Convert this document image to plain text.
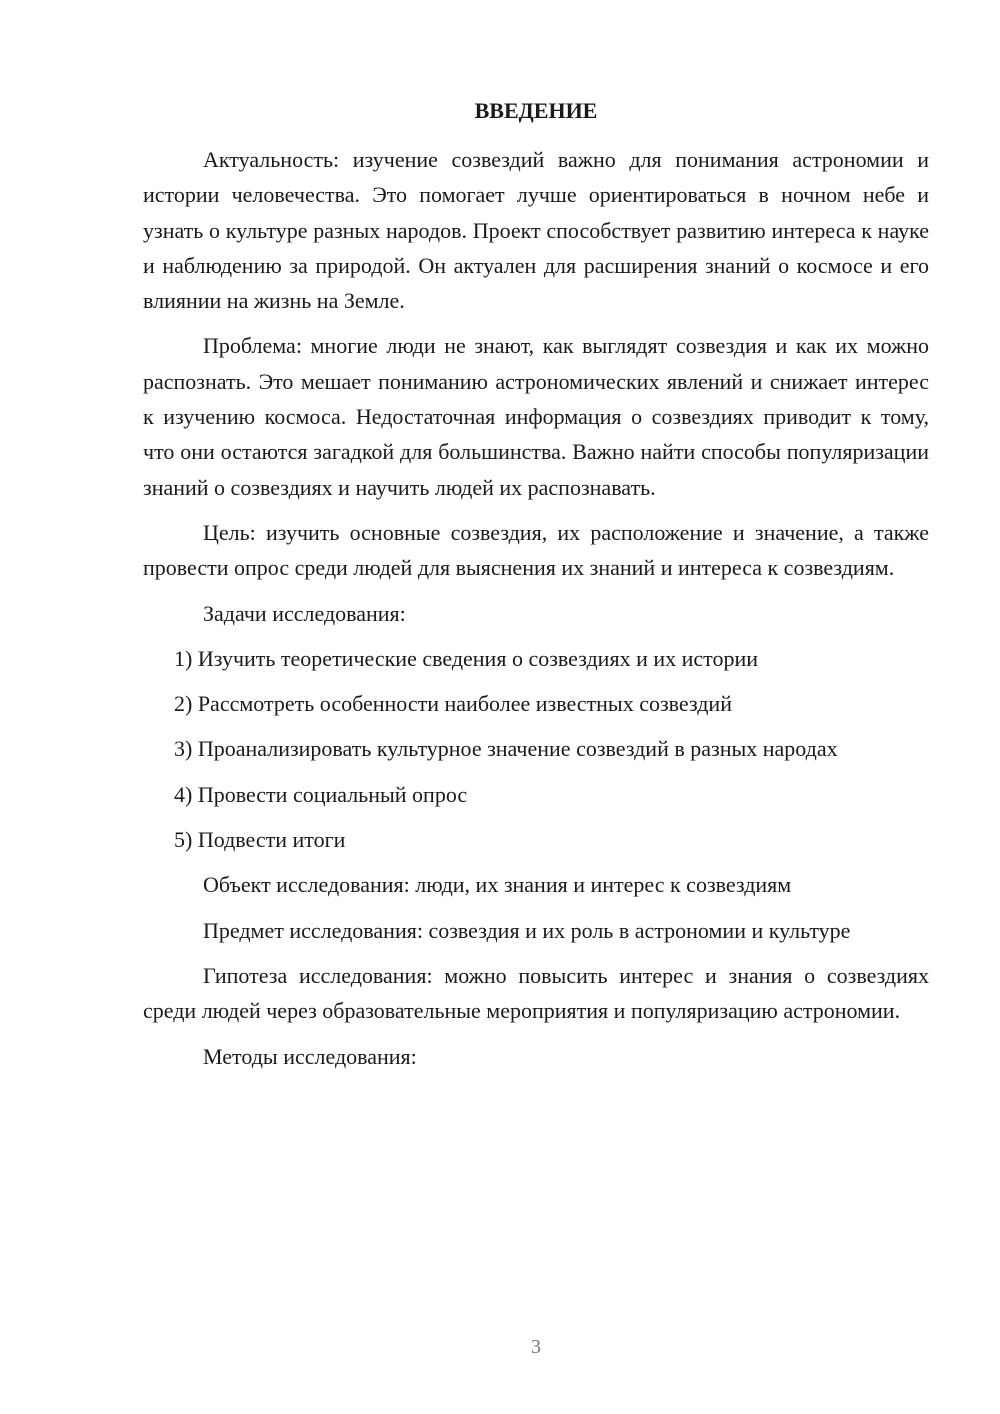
ВВЕДЕНИЕ

Актуальность: изучение созвездий важно для понимания астрономии и истории человечества. Это помогает лучше ориентироваться в ночном небе и узнать о культуре разных народов. Проект способствует развитию интереса к науке и наблюдению за природой. Он актуален для расширения знаний о космосе и его влиянии на жизнь на Земле.

Проблема: многие люди не знают, как выглядят созвездия и как их можно распознать. Это мешает пониманию астрономических явлений и снижает интерес к изучению космоса. Недостаточная информация о созвездиях приводит к тому, что они остаются загадкой для большинства. Важно найти способы популяризации знаний о созвездиях и научить людей их распознавать.

Цель: изучить основные созвездия, их расположение и значение, а также провести опрос среди людей для выяснения их знаний и интереса к созвездиям.

Задачи исследования:

1) Изучить теоретические сведения о созвездиях и их истории

2) Рассмотреть особенности наиболее известных созвездий

3) Проанализировать культурное значение созвездий в разных народах

4) Провести социальный опрос

5) Подвести итоги

Объект исследования: люди, их знания и интерес к созвездиям

Предмет исследования: созвездия и их роль в астрономии и культуре

Гипотеза исследования: можно повысить интерес и знания о созвездиях среди людей через образовательные мероприятия и популяризацию астрономии.

Методы исследования:

3
